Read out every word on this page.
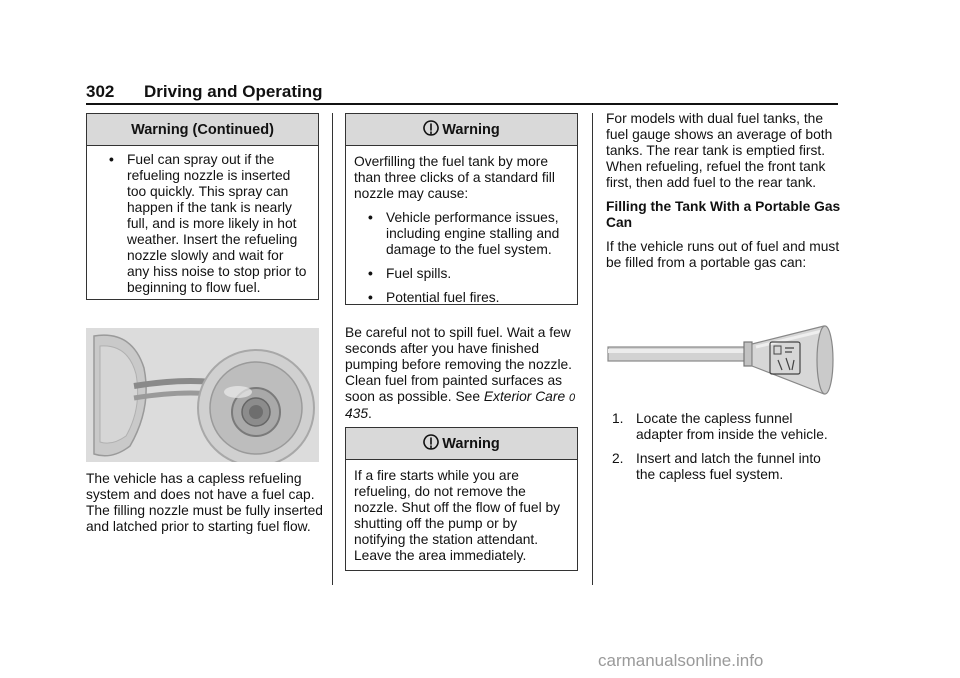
302 Driving and Operating
Warning (Continued)
• Fuel can spray out if the refueling nozzle is inserted too quickly. This spray can happen if the tank is nearly full, and is more likely in hot weather. Insert the refueling nozzle slowly and wait for any hiss noise to stop prior to beginning to flow fuel.

The vehicle has a capless refueling system and does not have a fuel cap. The filling nozzle must be fully inserted and latched prior to starting fuel flow.

Warning

Overfilling the fuel tank by more than three clicks of a standard fill nozzle may cause:

• Vehicle performance issues, including engine stalling and damage to the fuel system.
• Fuel spills.
• Potential fuel fires.

Be careful not to spill fuel. Wait a few seconds after you have finished pumping before removing the nozzle. Clean fuel from painted surfaces as soon as possible. See Exterior Care 0 435.

Warning

If a fire starts while you are refueling, do not remove the nozzle. Shut off the flow of fuel by shutting off the pump or by notifying the station attendant. Leave the area immediately.

For models with dual fuel tanks, the fuel gauge shows an average of both tanks. The rear tank is emptied first. When refueling, refuel the front tank first, then add fuel to the rear tank.

Filling the Tank With a Portable Gas Can

If the vehicle runs out of fuel and must be filled from a portable gas can:

1. Locate the capless funnel adapter from inside the vehicle.
2. Insert and latch the funnel into the capless fuel system.
carmanualsonline.info
